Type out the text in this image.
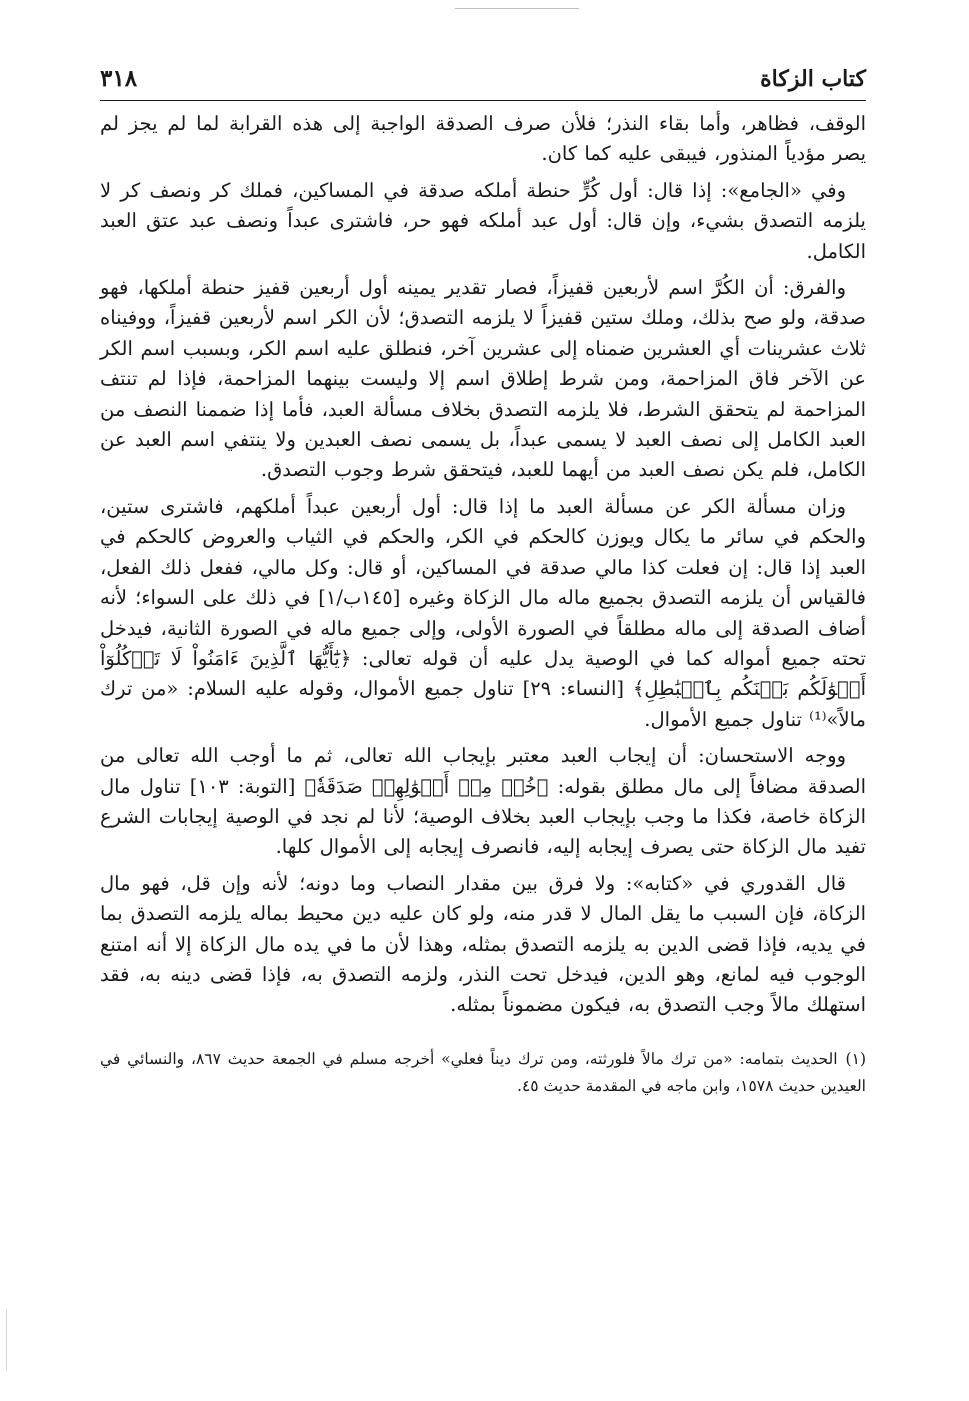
كتاب الزكاة
٣١٨

الوقف، فظاهر، وأما بقاء النذر؛ فلأن صرف الصدقة الواجبة إلى هذه القرابة لما لم يجز لم يصر مؤدياً المنذور، فيبقى عليه كما كان.

وفي «الجامع»: إذا قال: أول كُرٍّ حنطة أملكه صدقة في المساكين، فملك كر ونصف كر لا يلزمه التصدق بشيء، وإن قال: أول عبد أملكه فهو حر، فاشترى عبداً ونصف عبد عتق العبد الكامل.

والفرق: أن الكُرَّ اسم لأربعين قفيزاً، فصار تقدير يمينه أول أربعين قفيز حنطة أملكها، فهو صدقة، ولو صح بذلك، وملك ستين قفيزاً لا يلزمه التصدق؛ لأن الكر اسم لأربعين قفيزاً، ووفيناه ثلاث عشرينات أي العشرين ضمناه إلى عشرين آخر، فنطلق عليه اسم الكر، وبسبب اسم الكر عن الآخر فاق المزاحمة، ومن شرط إطلاق اسم إلا وليست بينهما المزاحمة، فإذا لم تنتف المزاحمة لم يتحقق الشرط، فلا يلزمه التصدق بخلاف مسألة العبد، فأما إذا ضممنا النصف من العبد الكامل إلى نصف العبد لا يسمى عبداً، بل يسمى نصف العبدين ولا ينتفي اسم العبد عن الكامل، فلم يكن نصف العبد من أيهما للعبد، فيتحقق شرط وجوب التصدق.

وزان مسألة الكر عن مسألة العبد ما إذا قال: أول أربعين عبداً أملكهم، فاشترى ستين، والحكم في سائر ما يكال ويوزن كالحكم في الكر، والحكم في الثياب والعروض كالحكم في العبد إذا قال: إن فعلت كذا مالي صدقة في المساكين، أو قال: وكل مالي، ففعل ذلك الفعل، فالقياس أن يلزمه التصدق بجميع ماله مال الزكاة وغيره [١٤٥ب/١] في ذلك على السواء؛ لأنه أضاف الصدقة إلى ماله مطلقاً في الصورة الأولى، وإلى جميع ماله في الصورة الثانية، فيدخل تحته جميع أمواله كما في الوصية يدل عليه أن قوله تعالى: ﴿يَٰٓأَيُّهَا ٱلَّذِينَ ءَامَنُواْ لَا تَأۡكُلُوٓاْ أَمۡوَٰلَكُم بَيۡنَكُم بِٱلۡبَٰطِلِ﴾ [النساء: ٢٩] تناول جميع الأموال، وقوله عليه السلام: «من ترك مالاً»⁽¹⁾ تناول جميع الأموال.

ووجه الاستحسان: أن إيجاب العبد معتبر بإيجاب الله تعالى، ثم ما أوجب الله تعالى من الصدقة مضافاً إلى مال مطلق بقوله: ﴿خُذۡ مِنۡ أَمۡوَٰلِهِمۡ صَدَقَةٗ﴾ [التوبة: ١٠٣] تناول مال الزكاة خاصة، فكذا ما وجب بإيجاب العبد بخلاف الوصية؛ لأنا لم نجد في الوصية إيجابات الشرع تفيد مال الزكاة حتى يصرف إيجابه إليه، فانصرف إيجابه إلى الأموال كلها.

قال القدوري في «كتابه»: ولا فرق بين مقدار النصاب وما دونه؛ لأنه وإن قل، فهو مال الزكاة، فإن السبب ما يقل المال لا قدر منه، ولو كان عليه دين محيط بماله يلزمه التصدق بما في يديه، فإذا قضى الدين به يلزمه التصدق بمثله، وهذا لأن ما في يده مال الزكاة إلا أنه امتنع الوجوب فيه لمانع، وهو الدين، فيدخل تحت النذر، ولزمه التصدق به، فإذا قضى دينه به، فقد استهلك مالاً وجب التصدق به، فيكون مضموناً بمثله.

(١)الحديث بتمامه: «من ترك مالاً فلورثته، ومن ترك ديناً فعلي» أخرجه مسلم في الجمعة حديث ٨٦٧، والنسائي في العيدين حديث ١٥٧٨، وابن ماجه في المقدمة حديث ٤٥.
